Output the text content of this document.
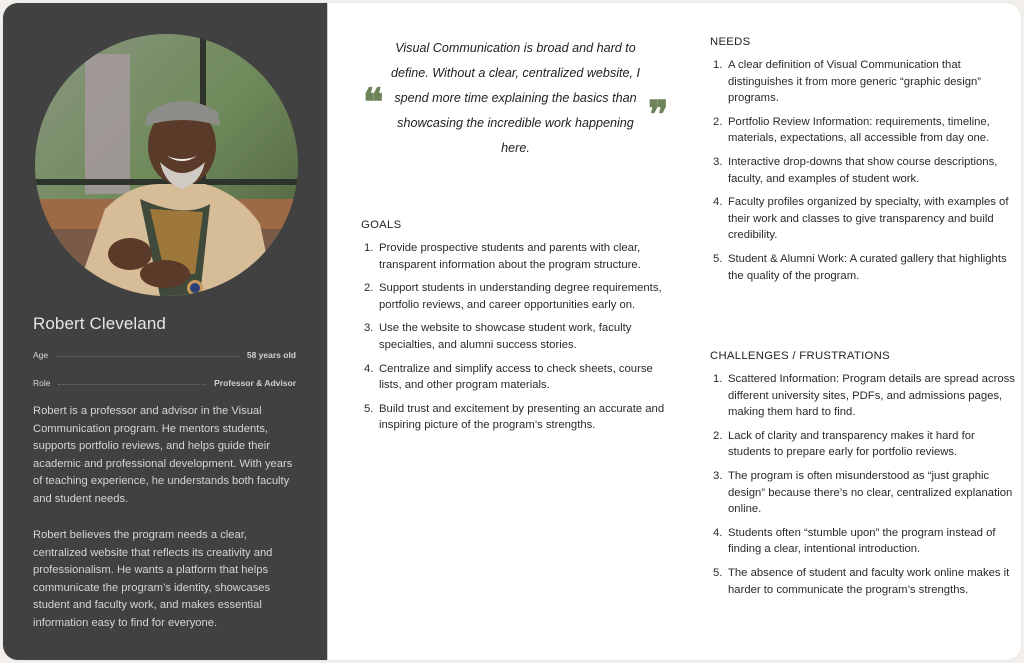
Robert Cleveland
Age	58 years old
Role	Professor & Advisor

Robert is a professor and advisor in the Visual Communication program. He mentors students, supports portfolio reviews, and helps guide their academic and professional development. With years of teaching experience, he understands both faculty and student needs.

Robert believes the program needs a clear, centralized website that reflects its creativity and professionalism. He wants a platform that helps communicate the program’s identity, showcases student and faculty work, and makes essential information easy to find for everyone.

❝
Visual Communication is broad and hard to define. Without a clear, centralized website, I spend more time explaining the basics than showcasing the incredible work happening here.
❝
GOALS
1. Provide prospective students and parents with clear, transparent information about the program structure.
2. Support students in understanding degree requirements, portfolio reviews, and career opportunities early on.
3. Use the website to showcase student work, faculty specialties, and alumni success stories.
4. Centralize and simplify access to check sheets, course lists, and other program materials.
5. Build trust and excitement by presenting an accurate and inspiring picture of the program’s strengths.
NEEDS
1. A clear definition of Visual Communication that distinguishes it from more generic “graphic design” programs.
2. Portfolio Review Information: requirements, timeline, materials, expectations, all accessible from day one.
3. Interactive drop-downs that show course descriptions, faculty, and examples of student work.
4. Faculty profiles organized by specialty, with examples of their work and classes to give transparency and build credibility.
5. Student & Alumni Work: A curated gallery that highlights the quality of the program.
CHALLENGES / FRUSTRATIONS
1. Scattered Information: Program details are spread across different university sites, PDFs, and admissions pages, making them hard to find.
2. Lack of clarity and transparency makes it hard for students to prepare early for portfolio reviews.
3. The program is often misunderstood as “just graphic design” because there’s no clear, centralized explanation online.
4. Students often “stumble upon” the program instead of finding a clear, intentional introduction.
5. The absence of student and faculty work online makes it harder to communicate the program’s strengths.
